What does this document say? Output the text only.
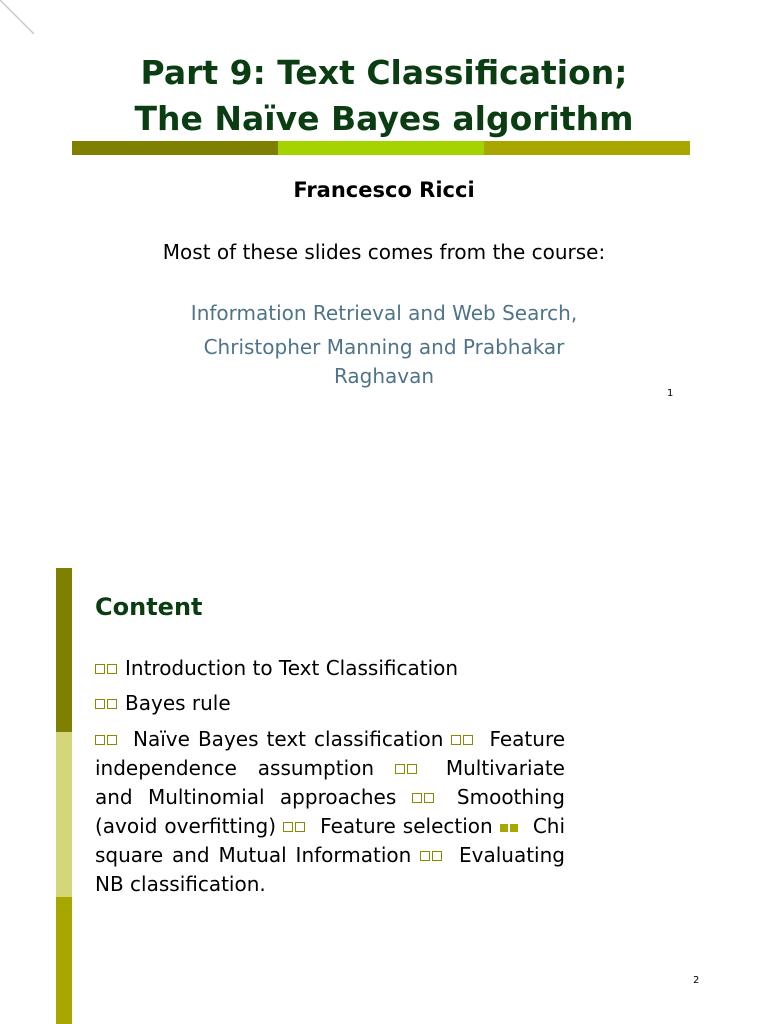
Part 9: Text Classification;
The Naïve Bayes algorithm
Francesco Ricci
Most of these slides comes from the course:
Information Retrieval and Web Search,
Christopher Manning and Prabhakar Raghavan
1
Content
Introduction to Text Classification
Bayes rule
Naïve Bayes text classification Feature independence assumption	Multivariate and Multinomial approaches	Smoothing (avoid overfitting) Feature selection Chi square and Mutual Information Evaluating NB classification.
2
